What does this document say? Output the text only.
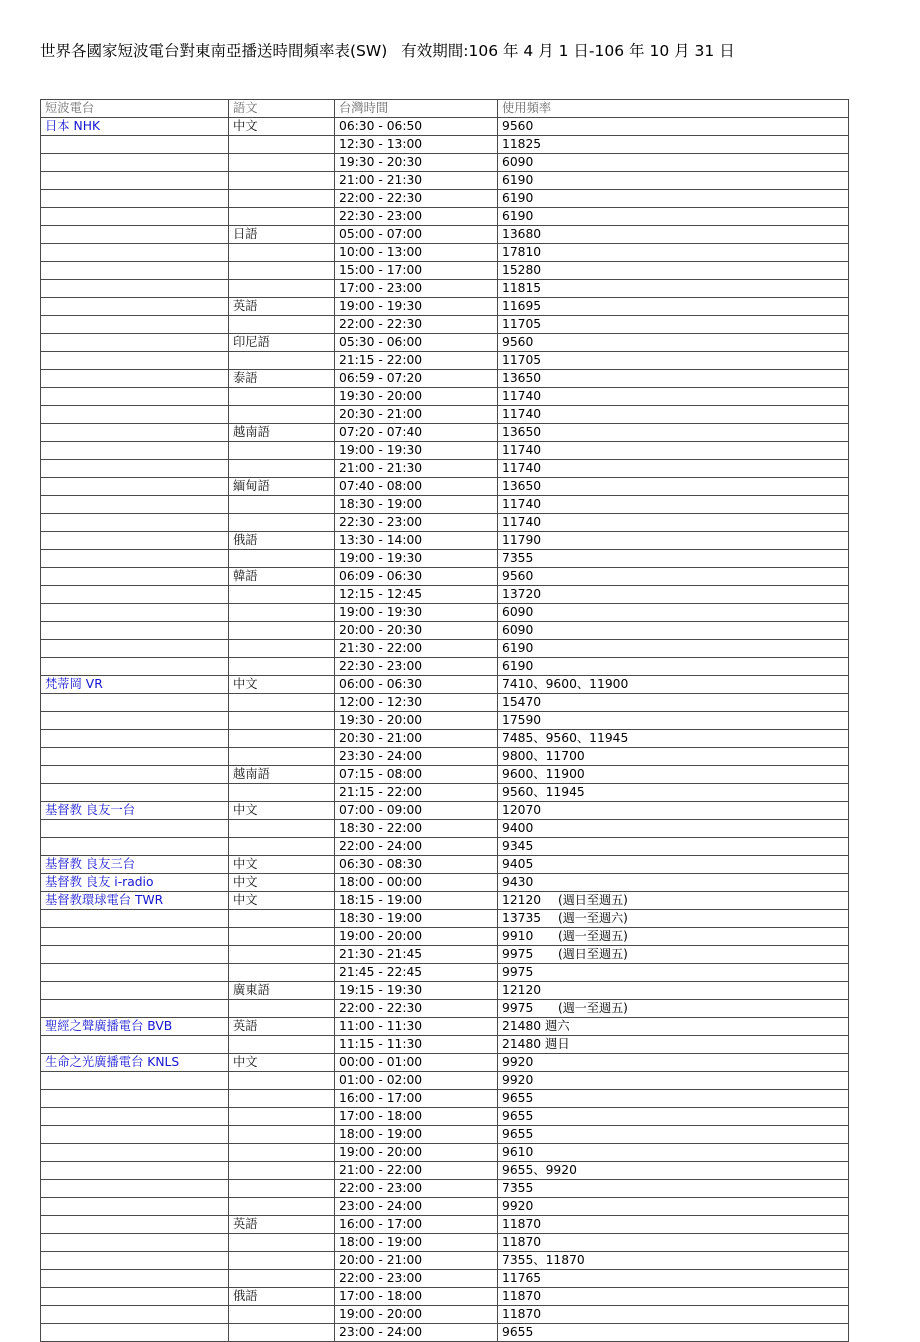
世界各國家短波電台對東南亞播送時間頻率表(SW) 有效期間:106 年 4 月 1 日-106 年 10 月 31 日
短波電台	語文	台灣時間	使用頻率
日本 NHK	中文	06:30 - 06:50	9560
		12:30 - 13:00	11825
		19:30 - 20:30	6090
		21:00 - 21:30	6190
		22:00 - 22:30	6190
		22:30 - 23:00	6190
	日語	05:00 - 07:00	13680
		10:00 - 13:00	17810
		15:00 - 17:00	15280
		17:00 - 23:00	11815
	英語	19:00 - 19:30	11695
		22:00 - 22:30	11705
	印尼語	05:30 - 06:00	9560
		21:15 - 22:00	11705
	泰語	06:59 - 07:20	13650
		19:30 - 20:00	11740
		20:30 - 21:00	11740
	越南語	07:20 - 07:40	13650
		19:00 - 19:30	11740
		21:00 - 21:30	11740
	緬甸語	07:40 - 08:00	13650
		18:30 - 19:00	11740
		22:30 - 23:00	11740
	俄語	13:30 - 14:00	11790
		19:00 - 19:30	7355
	韓語	06:09 - 06:30	9560
		12:15 - 12:45	13720
		19:00 - 19:30	6090
		20:00 - 20:30	6090
		21:30 - 22:00	6190
		22:30 - 23:00	6190
梵蒂岡 VR	中文	06:00 - 06:30	7410、9600、11900
		12:00 - 12:30	15470
		19:30 - 20:00	17590
		20:30 - 21:00	7485、9560、11945
		23:30 - 24:00	9800、11700
	越南語	07:15 - 08:00	9600、11900
		21:15 - 22:00	9560、11945
基督教 良友一台	中文	07:00 - 09:00	12070
		18:30 - 22:00	9400
		22:00 - 24:00	9345
基督教 良友三台	中文	06:30 - 08:30	9405
基督教 良友 i-radio	中文	18:00 - 00:00	9430
基督教環球電台 TWR	中文	18:15 - 19:00	12120 (週日至週五)
		18:30 - 19:00	13735 (週一至週六)
		19:00 - 20:00	9910 (週一至週五)
		21:30 - 21:45	9975 (週日至週五)
		21:45 - 22:45	9975
	廣東語	19:15 - 19:30	12120
		22:00 - 22:30	9975 (週一至週五)
聖經之聲廣播電台 BVB	英語	11:00 - 11:30	21480 週六
		11:15 - 11:30	21480 週日
生命之光廣播電台 KNLS	中文	00:00 - 01:00	9920
		01:00 - 02:00	9920
		16:00 - 17:00	9655
		17:00 - 18:00	9655
		18:00 - 19:00	9655
		19:00 - 20:00	9610
		21:00 - 22:00	9655、9920
		22:00 - 23:00	7355
		23:00 - 24:00	9920
	英語	16:00 - 17:00	11870
		18:00 - 19:00	11870
		20:00 - 21:00	7355、11870
		22:00 - 23:00	11765
	俄語	17:00 - 18:00	11870
		19:00 - 20:00	11870
		23:00 - 24:00	9655
